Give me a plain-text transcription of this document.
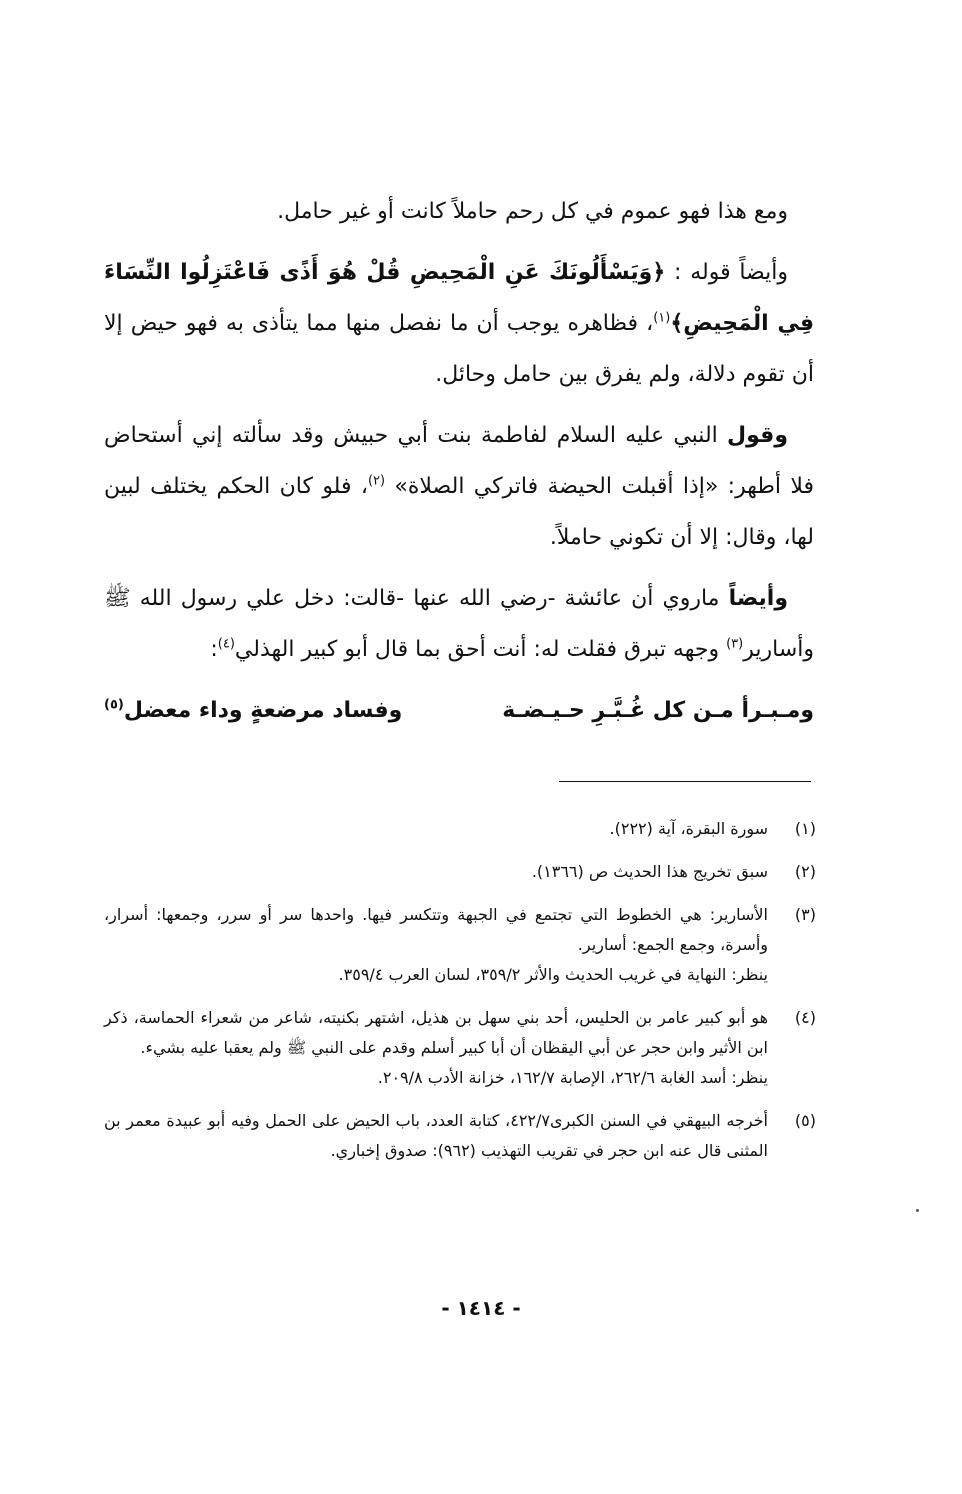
ومع هذا فهو عموم في كل رحم حاملاً كانت أو غير حامل.

وأيضاً قوله : ﴿وَيَسْأَلُونَكَ عَنِ الْمَحِيضِ قُلْ هُوَ أَذًى فَاعْتَزِلُوا النِّسَاءَ فِي الْمَحِيضِ﴾$^{(١)}$، فظاهره يوجب أن ما نفصل منها مما يتأذى به فهو حيض إلا أن تقوم دلالة، ولم يفرق بين حامل وحائل.

وقول النبي عليه السلام لفاطمة بنت أبي حبيش وقد سألته إني أستحاض فلا أطهر: «إذا أقبلت الحيضة فاتركي الصلاة» $^{(٢)}$، فلو كان الحكم يختلف لبين لها، وقال: إلا أن تكوني حاملاً.

وأيضاً ماروي أن عائشة -رضي الله عنها -قالت: دخل علي رسول الله ﷺ وأسارير$^{(٣)}$ وجهه تبرق فقلت له: أنت أحق بما قال أبو كبير الهذلي$^{(٤)}$:

ومـبـرأ مـن كل غُـبَّـرِ حـيـضـة
وفساد مرضعةٍ وداء معضل$^{(٥)}$
(١)
سورة البقرة، آية (٢٢٢).
(٢)
سبق تخريج هذا الحديث ص (١٣٦٦).
(٣)
الأسارير: هي الخطوط التي تجتمع في الجبهة وتتكسر فيها. واحدها سر أو سرر، وجمعها: أسرار، وأسرة، وجمع الجمع: أسارير.
ينظر: النهاية في غريب الحديث والأثر ٣٥٩/٢، لسان العرب ٣٥٩/٤.
(٤)
هو أبو كبير عامر بن الحليس، أحد بني سهل بن هذيل، اشتهر بكنيته، شاعر من شعراء الحماسة، ذكر ابن الأثير وابن حجر عن أبي اليقظان أن أبا كبير أسلم وقدم على النبي ﷺ ولم يعقبا عليه بشيء.
ينظر: أسد الغابة ٢٦٢/٦، الإصابة ١٦٢/٧، خزانة الأدب ٢٠٩/٨.
(٥)
أخرجه البيهقي في السنن الكبرى٤٢٢/٧، كتابة العدد، باب الحيض على الحمل وفيه أبو عبيدة معمر بن المثنى قال عنه ابن حجر في تقريب التهذيب (٩٦٢): صدوق إخباري.
- ١٤١٤ -
